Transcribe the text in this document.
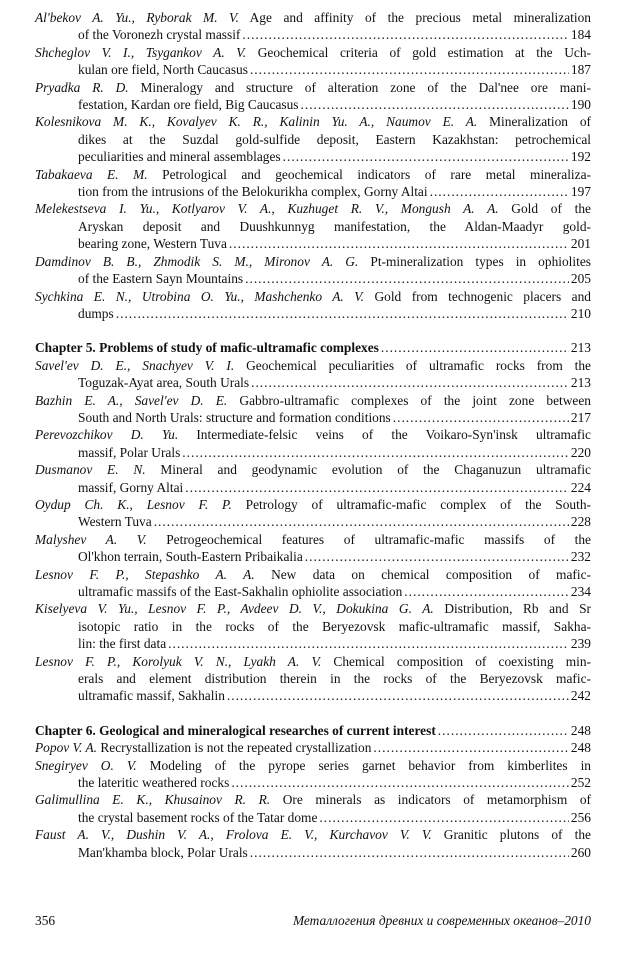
Al'bekov A. Yu., Ryborak M. V. Age and affinity of the precious metal mineralization
of the Voronezh crystal massif .....	184
Shcheglov V. I., Tsygankov A. V. Geochemical criteria of gold estimation at the Uch-
kulan ore field, North Caucasus .....	187
Pryadka R. D. Mineralogy and structure of alteration zone of the Dal'nee ore mani-
festation, Kardan ore field, Big Caucasus .....	190
Kolesnikova M. K., Kovalyev K. R., Kalinin Yu. A., Naumov E. A. Mineralization of
dikes at the Suzdal gold-sulfide deposit, Eastern Kazakhstan: petrochemical
peculiarities and mineral assemblages .....	192
Tabakaeva E. M. Petrological and geochemical indicators of rare metal mineraliza-
tion from the intrusions of the Belokurikha complex, Gorny Altai .....	197
Melekestseva I. Yu., Kotlyarov V. A., Kuzhuget R. V., Mongush A. A. Gold of the
Aryskan deposit and Duushkunnyg manifestation, the Aldan-Maadyr gold-
bearing zone, Western Tuva .....	201
Damdinov B. B., Zhmodik S. M., Mironov A. G. Pt-mineralization types in ophiolites
of the Eastern Sayn Mountains .....	205
Sychkina E. N., Utrobina O. Yu., Mashchenko A. V. Gold from technogenic placers and
dumps .....	210
Chapter 5. Problems of study of mafic-ultramafic complexes .....	213
Savel'ev D. E., Snachyev V. I. Geochemical peculiarities of ultramafic rocks from the
Toguzak-Ayat area, South Urals .....	213
Bazhin E. A., Savel'ev D. E. Gabbro-ultramafic complexes of the joint zone between
South and North Urals: structure and formation conditions .....	217
Perevozchikov D. Yu. Intermediate-felsic veins of the Voikaro-Syn'insk ultramafic
massif, Polar Urals .....	220
Dusmanov E. N. Mineral and geodynamic evolution of the Chaganuzun ultramafic
massif, Gorny Altai .....	224
Oydup Ch. K., Lesnov F. P. Petrology of ultramafic-mafic complex of the South-
Western Tuva .....	228
Malyshev A. V. Petrogeochemical features of ultramafic-mafic massifs of the
Ol'khon terrain, South-Eastern Pribaikalia .....	232
Lesnov F. P., Stepashko A. A. New data on chemical composition of mafic-
ultramafic massifs of the East-Sakhalin ophiolite association .....	234
Kiselyeva V. Yu., Lesnov F. P., Avdeev D. V., Dokukina G. A. Distribution, Rb and Sr
isotopic ratio in the rocks of the Beryezovsk mafic-ultramafic massif, Sakha-
lin: the first data .....	239
Lesnov F. P., Korolyuk V. N., Lyakh A. V. Chemical composition of coexisting min-
erals and element distribution therein in the rocks of the Beryezovsk mafic-
ultramafic massif, Sakhalin .....	242
Chapter 6. Geological and mineralogical researches of current interest .....	248
Popov V. A. Recrystallization is not the repeated crystallization .....	248
Snegiryev O. V. Modeling of the pyrope series garnet behavior from kimberlites in
the lateritic weathered rocks .....	252
Galimullina E. K., Khusainov R. R. Ore minerals as indicators of metamorphism of
the crystal basement rocks of the Tatar dome .....	256
Faust A. V., Dushin V. A., Frolova E. V., Kurchavov V. V. Granitic plutons of the
Man'khamba block, Polar Urals .....	260
356	Металлогения древних и современных океанов–2010
